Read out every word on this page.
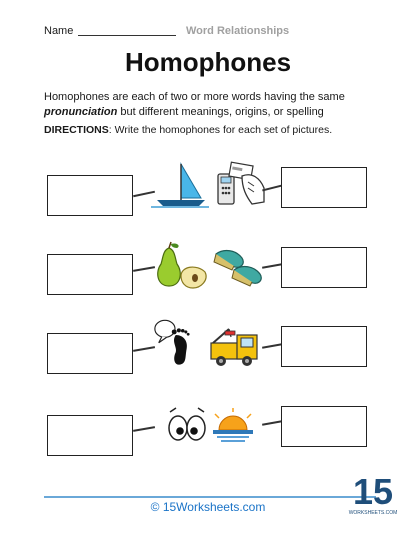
Name	Word Relationships
Homophones
Homophones are each of two or more words having the same
pronunciation but different meanings, origins, or spelling
DIRECTIONS: Write the homophones for each set of pictures.
© 15Worksheets.com	15
WORKSHEETS.COM
